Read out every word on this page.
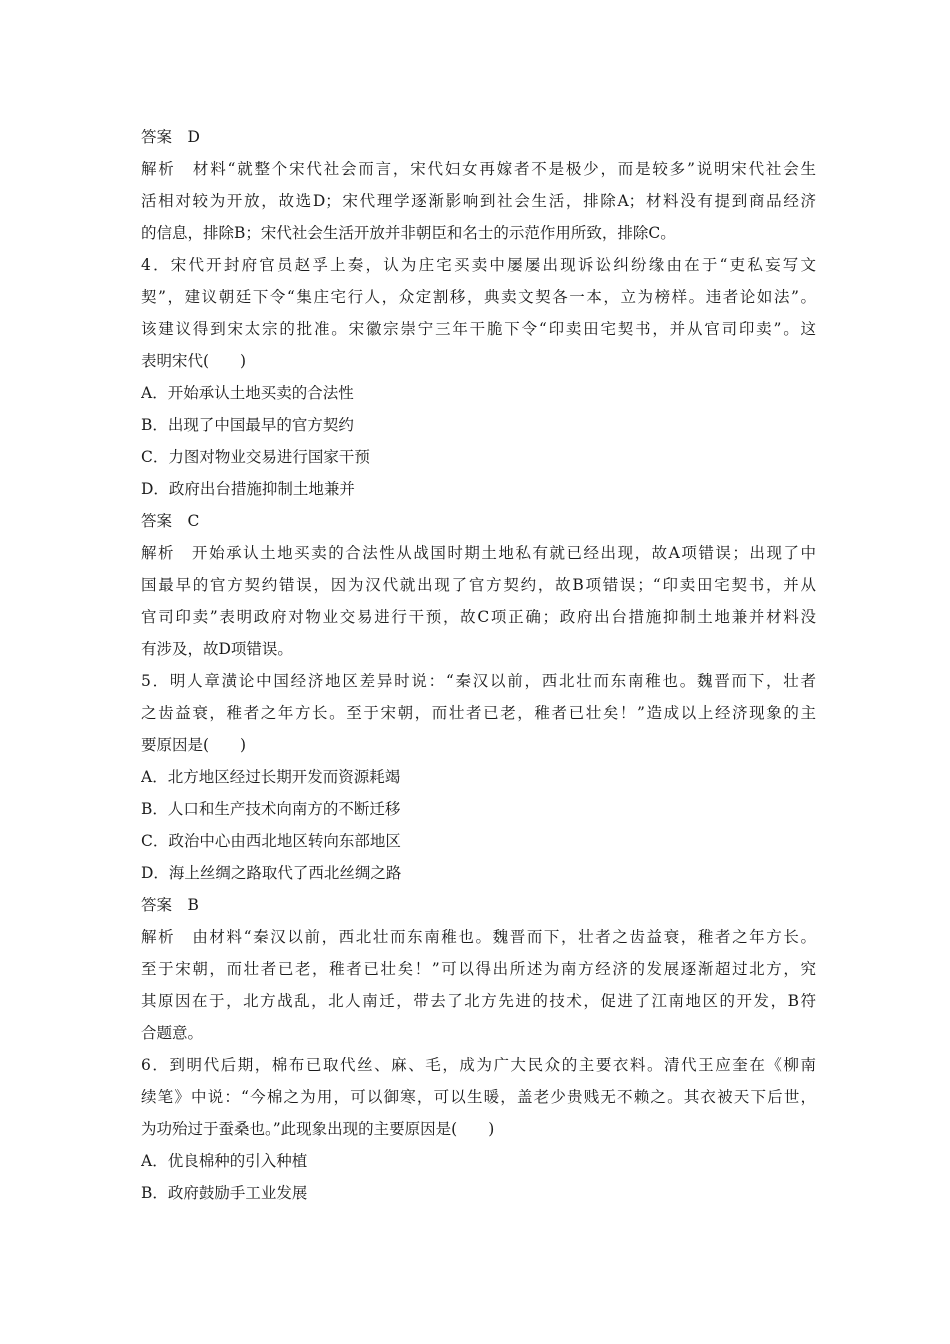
答案　D
解析　材料“就整个宋代社会而言，宋代妇女再嫁者不是极少，而是较多”说明宋代社会生
活相对较为开放，故选D；宋代理学逐渐影响到社会生活，排除A；材料没有提到商品经济
的信息，排除B；宋代社会生活开放并非朝臣和名士的示范作用所致，排除C。
4．宋代开封府官员赵孚上奏，认为庄宅买卖中屡屡出现诉讼纠纷缘由在于“吏私妄写文
契”，建议朝廷下令“集庄宅行人，众定割移，典卖文契各一本，立为榜样。违者论如法”。
该建议得到宋太宗的批准。宋徽宗崇宁三年干脆下令“印卖田宅契书，并从官司印卖”。这
表明宋代(　　)
A．开始承认土地买卖的合法性
B．出现了中国最早的官方契约
C．力图对物业交易进行国家干预
D．政府出台措施抑制土地兼并
答案　C
解析　开始承认土地买卖的合法性从战国时期土地私有就已经出现，故A项错误；出现了中
国最早的官方契约错误，因为汉代就出现了官方契约，故B项错误；“印卖田宅契书，并从
官司印卖”表明政府对物业交易进行干预，故C项正确；政府出台措施抑制土地兼并材料没
有涉及，故D项错误。
5．明人章潢论中国经济地区差异时说：“秦汉以前，西北壮而东南稚也。魏晋而下，壮者
之齿益衰，稚者之年方长。至于宋朝，而壮者已老，稚者已壮矣！”造成以上经济现象的主
要原因是(　　)
A．北方地区经过长期开发而资源耗竭
B．人口和生产技术向南方的不断迁移
C．政治中心由西北地区转向东部地区
D．海上丝绸之路取代了西北丝绸之路
答案　B
解析　由材料“秦汉以前，西北壮而东南稚也。魏晋而下，壮者之齿益衰，稚者之年方长。
至于宋朝，而壮者已老，稚者已壮矣！”可以得出所述为南方经济的发展逐渐超过北方，究
其原因在于，北方战乱，北人南迁，带去了北方先进的技术，促进了江南地区的开发，B符
合题意。
6．到明代后期，棉布已取代丝、麻、毛，成为广大民众的主要衣料。清代王应奎在《柳南
续笔》中说：“今棉之为用，可以御寒，可以生暖，盖老少贵贱无不赖之。其衣被天下后世，
为功殆过于蚕桑也。”此现象出现的主要原因是(　　)
A．优良棉种的引入种植
B．政府鼓励手工业发展
